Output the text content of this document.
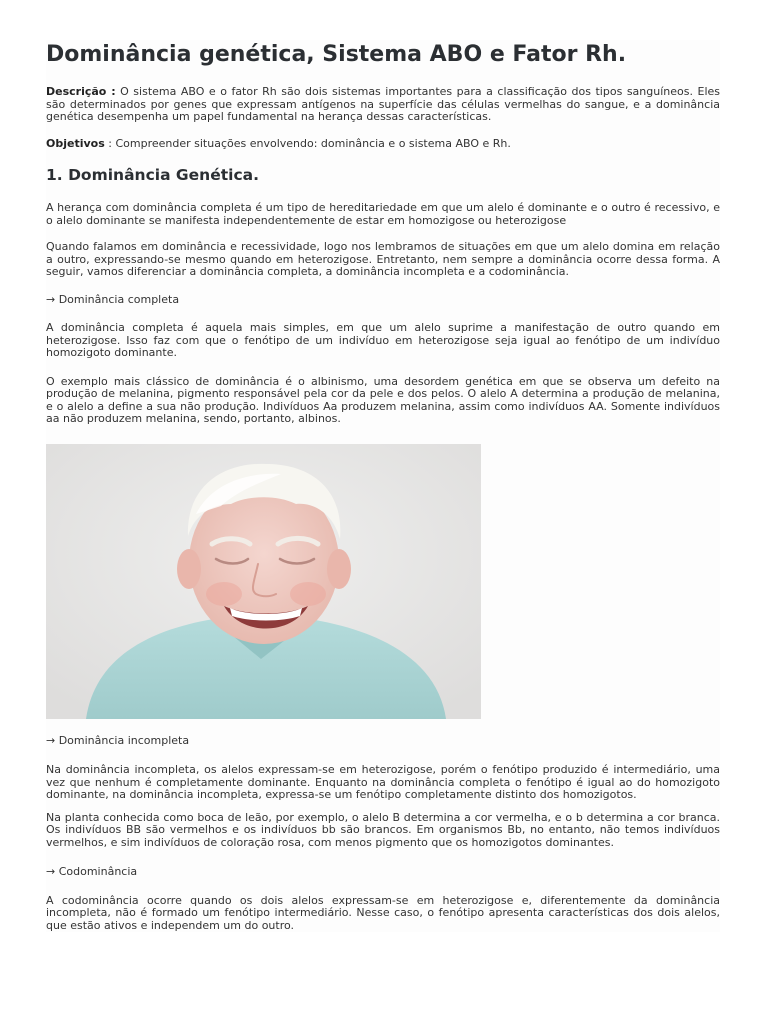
Dominância genética, Sistema ABO e Fator Rh.

Descrição : O sistema ABO e o fator Rh são dois sistemas importantes para a classificação dos tipos sanguíneos. Eles são determinados por genes que expressam antígenos na superfície das células vermelhas do sangue, e a dominância genética desempenha um papel fundamental na herança dessas características.

Objetivos : Compreender situações envolvendo: dominância e o sistema ABO e Rh.

1. Dominância Genética.

A herança com dominância completa é um tipo de hereditariedade em que um alelo é dominante e o outro é recessivo, e o alelo dominante se manifesta independentemente de estar em homozigose ou heterozigose

Quando falamos em dominância e recessividade, logo nos lembramos de situações em que um alelo domina em relação a outro, expressando-se mesmo quando em heterozigose. Entretanto, nem sempre a dominância ocorre dessa forma. A seguir, vamos diferenciar a dominância completa, a dominância incompleta e a codominância.

→ Dominância completa

A dominância completa é aquela mais simples, em que um alelo suprime a manifestação de outro quando em heterozigose. Isso faz com que o fenótipo de um indivíduo em heterozigose seja igual ao fenótipo de um indivíduo homozigoto dominante.

O exemplo mais clássico de dominância é o albinismo, uma desordem genética em que se observa um defeito na produção de melanina, pigmento responsável pela cor da pele e dos pelos. O alelo A determina a produção de melanina, e o alelo a define a sua não produção. Indivíduos Aa produzem melanina, assim como indivíduos AA. Somente indivíduos aa não produzem melanina, sendo, portanto, albinos.

→ Dominância incompleta

Na dominância incompleta, os alelos expressam-se em heterozigose, porém o fenótipo produzido é intermediário, uma vez que nenhum é completamente dominante. Enquanto na dominância completa o fenótipo é igual ao do homozigoto dominante, na dominância incompleta, expressa-se um fenótipo completamente distinto dos homozigotos.

Na planta conhecida como boca de leão, por exemplo, o alelo B determina a cor vermelha, e o b determina a cor branca. Os indivíduos BB são vermelhos e os indivíduos bb são brancos. Em organismos Bb, no entanto, não temos indivíduos vermelhos, e sim indivíduos de coloração rosa, com menos pigmento que os homozigotos dominantes.

→ Codominância

A codominância ocorre quando os dois alelos expressam-se em heterozigose e, diferentemente da dominância incompleta, não é formado um fenótipo intermediário. Nesse caso, o fenótipo apresenta características dos dois alelos, que estão ativos e independem um do outro.
